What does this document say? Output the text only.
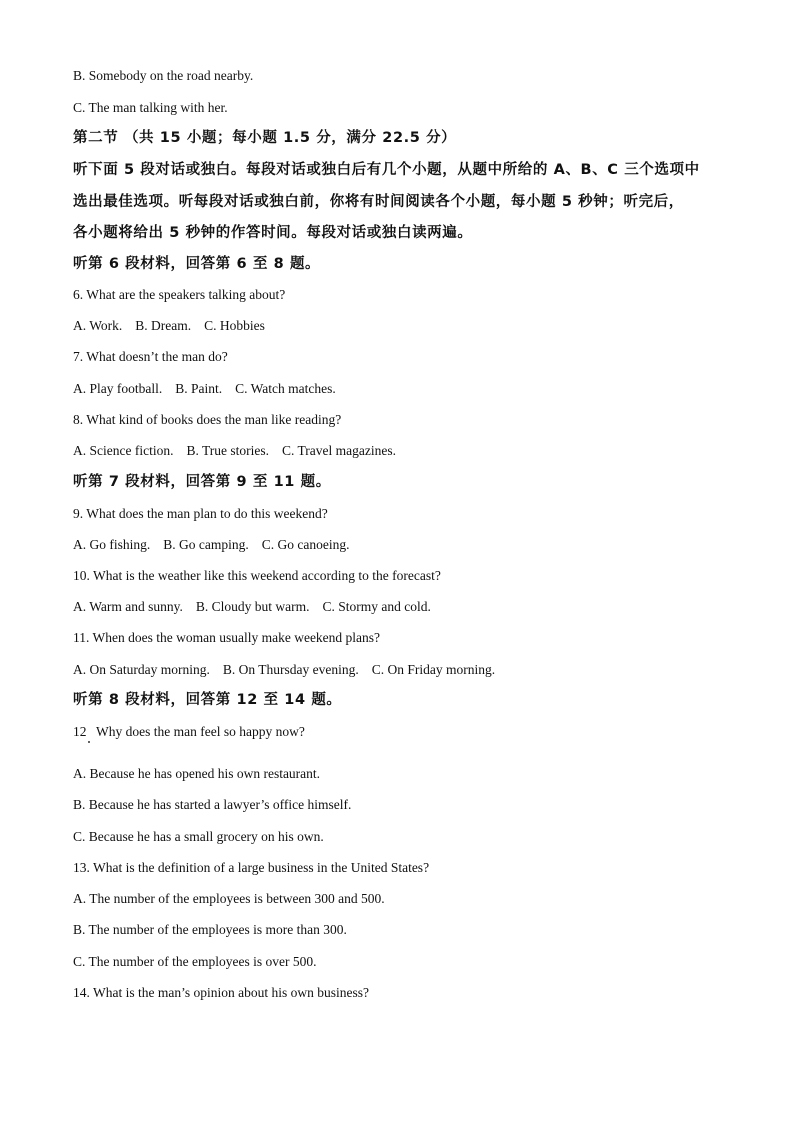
B. Somebody on the road nearby.
C. The man talking with her.
第二节 （共 15 小题；每小题 1.5 分，满分 22.5 分）
听下面 5 段对话或独白。每段对话或独白后有几个小题，从题中所给的 A、B、C 三个选项中
选出最佳选项。听每段对话或独白前，你将有时间阅读各个小题，每小题 5 秒钟；听完后，
各小题将给出 5 秒钟的作答时间。每段对话或独白读两遍。
听第 6 段材料，回答第 6 至 8 题。
6. What are the speakers talking about?
A. Work. B. Dream. C. Hobbies
7. What doesn’t the man do?
A. Play football. B. Paint. C. Watch matches.
8. What kind of books does the man like reading?
A. Science fiction. B. True stories. C. Travel magazines.
听第 7 段材料，回答第 9 至 11 题。
9. What does the man plan to do this weekend?
A. Go fishing. B. Go camping. C. Go canoeing.
10. What is the weather like this weekend according to the forecast?
A. Warm and sunny. B. Cloudy but warm. C. Stormy and cold.
11. When does the woman usually make weekend plans?
A. On Saturday morning. B. On Thursday evening. C. On Friday morning.
听第 8 段材料，回答第 12 至 14 题。
12 Why does the man feel so happy now?
A. Because he has opened his own restaurant.
B. Because he has started a lawyer’s office himself.
C. Because he has a small grocery on his own.
13. What is the definition of a large business in the United States?
A. The number of the employees is between 300 and 500.
B. The number of the employees is more than 300.
C. The number of the employees is over 500.
14. What is the man’s opinion about his own business?
